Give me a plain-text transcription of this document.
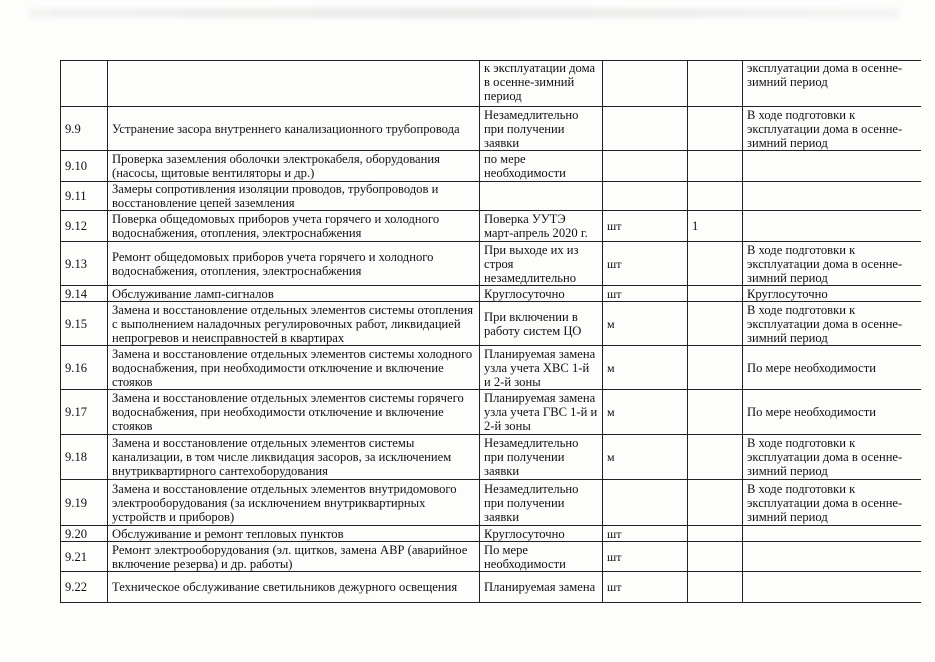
		к эксплуатации дома в осенне-зимний период			эксплуатации дома в осенне-зимний период
9.9	Устранение засора внутреннего канализационного трубопровода	Незамедлительно при получении заявки			В ходе подготовки к эксплуатации дома в осенне-зимний период
9.10	Проверка заземления оболочки электрокабеля, оборудования (насосы, щитовые вентиляторы и др.)	по мере необходимости			
9.11	Замеры сопротивления изоляции проводов, трубопроводов и восстановление цепей заземления				
9.12	Поверка общедомовых приборов учета горячего и холодного водоснабжения, отопления, электроснабжения	Поверка УУТЭ март-апрель 2020 г.	шт	1	
9.13	Ремонт общедомовых приборов учета горячего и холодного водоснабжения, отопления, электроснабжения	При выходе их из строя незамедлительно	шт		В ходе подготовки к эксплуатации дома в осенне-зимний период
9.14	Обслуживание ламп-сигналов	Круглосуточно	шт		Круглосуточно
9.15	Замена и восстановление отдельных элементов системы отопления с выполнением наладочных регулировочных работ, ликвидацией непрогревов и неисправностей в квартирах	При включении в работу систем ЦО	м		В ходе подготовки к эксплуатации дома в осенне-зимний период
9.16	Замена и восстановление отдельных элементов системы холодного водоснабжения, при необходимости отключение и включение стояков	Планируемая замена узла учета ХВС 1-й и 2-й зоны	м		По мере необходимости
9.17	Замена и восстановление отдельных элементов системы горячего водоснабжения, при необходимости отключение и включение стояков	Планируемая замена узла учета ГВС 1-й и 2-й зоны	м		По мере необходимости
9.18	Замена и восстановление отдельных элементов системы канализации, в том числе ликвидация засоров, за исключением внутриквартирного сантехоборудования	Незамедлительно при получении заявки	м		В ходе подготовки к эксплуатации дома в осенне-зимний период
9.19	Замена и восстановление отдельных элементов внутридомового электрооборудования (за исключением внутриквартирных устройств и приборов)	Незамедлительно при получении заявки			В ходе подготовки к эксплуатации дома в осенне-зимний период
9.20	Обслуживание и ремонт тепловых пунктов	Круглосуточно	шт		
9.21	Ремонт электрооборудования (эл. щитков, замена АВР (аварийное включение резерва) и др. работы)	По мере необходимости	шт		
9.22	Техническое обслуживание светильников дежурного освещения	Планируемая замена	шт		
